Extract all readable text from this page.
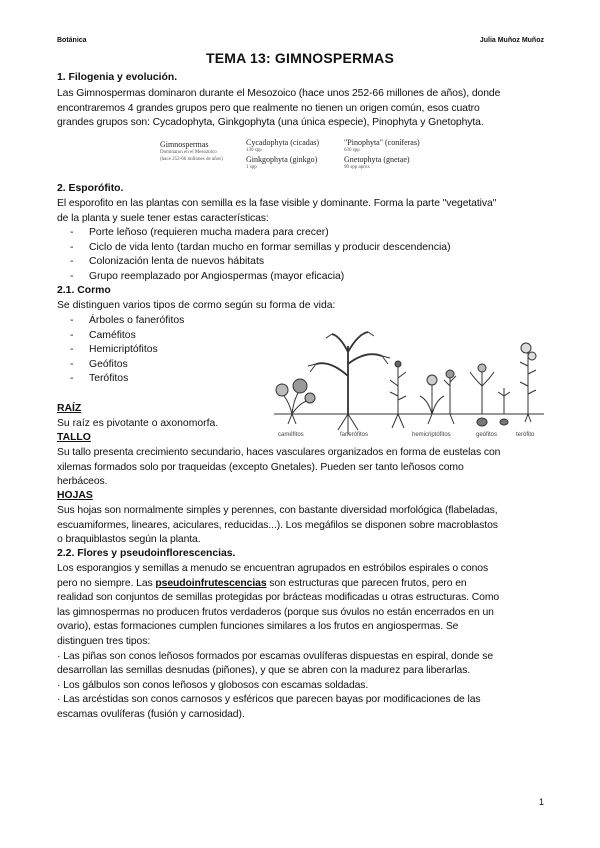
Botánica	Julia Muñoz Muñoz
TEMA 13: GIMNOSPERMAS
1. Filogenia y evolución.
Las Gimnospermas dominaron durante el Mesozoico (hace unos 252-66 millones de años), donde
encontraremos 4 grandes grupos pero que realmente no tienen un origen común, esos cuatro
grandes grupos son: Cycadophyta, Ginkgophyta (una única especie), Pinophyta y Gnetophyta.
Gimnospermas
Dominaron en el Mesozoico
(hace 252-66 millones de años)
Cycadophyta (cicadas)
130 spp
"Pinophyta" (coníferas)
630 spp
Ginkgophyta (ginkgo)
1 spp
Gnetophyta (gnetae)
90 spp aprox
2. Esporófito.
El esporofito en las plantas con semilla es la fase visible y dominante. Forma la parte "vegetativa"
de la planta y suele tener estas características:
- Porte leñoso (requieren mucha madera para crecer)
- Ciclo de vida lento (tardan mucho en formar semillas y producir descendencia)
- Colonización lenta de nuevos hábitats
- Grupo reemplazado por Angiospermas (mayor eficacia)
2.1. Cormo
Se distinguen varios tipos de cormo según su forma de vida:
- Árboles o fanerófitos
- Caméfitos
- Hemicriptófitos
- Geófitos
- Terófitos
caméfitos	fanerófitos	hemicriptófitos	geófitos	terófito
RAÍZ
Su raíz es pivotante o axonomorfa.
TALLO
Su tallo presenta crecimiento secundario, haces vasculares organizados en forma de eustelas con
xilemas formados solo por traqueidas (excepto Gnetales). Pueden ser tanto leñosos como
herbáceos.
HOJAS
Sus hojas son normalmente simples y perennes, con bastante diversidad morfológica (flabeladas,
escuamiformes, lineares, aciculares, reducidas...). Los megáfilos se disponen sobre macroblastos
o braquiblastos según la planta.
2.2. Flores y pseudoinflorescencias.
Los esporangios y semillas a menudo se encuentran agrupados en estróbilos espirales o conos
pero no siempre. Las pseudoinfrutescencias son estructuras que parecen frutos, pero en
realidad son conjuntos de semillas protegidas por brácteas modificadas u otras estructuras. Como
las gimnospermas no producen frutos verdaderos (porque sus óvulos no están encerrados en un
ovario), estas formaciones cumplen funciones similares a los frutos en angiospermas. Se
distinguen tres tipos:
· Las piñas son conos leñosos formados por escamas ovulíferas dispuestas en espiral, donde se
desarrollan las semillas desnudas (piñones), y que se abren con la madurez para liberarlas.
· Los gálbulos son conos leñosos y globosos con escamas soldadas.
· Las arcéstidas son conos carnosos y esféricos que parecen bayas por modificaciones de las
escamas ovulíferas (fusión y carnosidad).
1
